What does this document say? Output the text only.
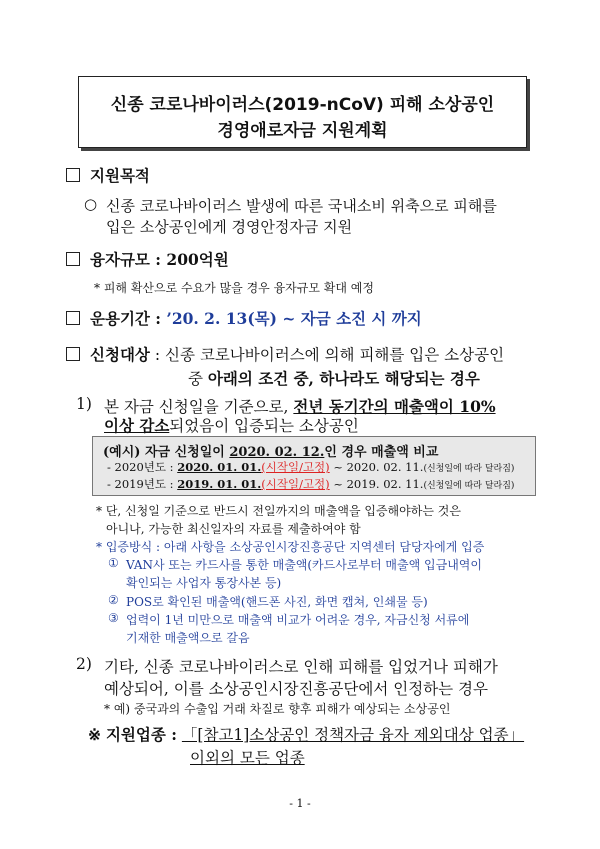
신종 코로나바이러스(2019-nCoV) 피해 소상공인
경영애로자금 지원계획
지원목적
○ 신종 코로나바이러스 발생에 따른 국내소비 위축으로 피해를
입은 소상공인에게 경영안정자금 지원
융자규모 : 200억원
* 피해 확산으로 수요가 많을 경우 융자규모 확대 예정
운용기간 : ’20. 2. 13(목) ~ 자금 소진 시 까지
신청대상 : 신종 코로나바이러스에 의해 피해를 입은 소상공인
중 아래의 조건 중, 하나라도 해당되는 경우
1) 본 자금 신청일을 기준으로, 전년 동기간의 매출액이 10%
이상 감소되었음이 입증되는 소상공인
(예시) 자금 신청일이 2020. 02. 12.인 경우 매출액 비교
- 2020년도 : 2020. 01. 01.(시작일/고정) ~ 2020. 02. 11.(신청일에 따라 달라짐)
- 2019년도 : 2019. 01. 01.(시작일/고정) ~ 2019. 02. 11.(신청일에 따라 달라짐)
* 단, 신청일 기준으로 반드시 전일까지의 매출액을 입증해야하는 것은
아니나, 가능한 최신일자의 자료를 제출하여야 함
* 입증방식 : 아래 사항을 소상공인시장진흥공단 지역센터 담당자에게 입증
① VAN사 또는 카드사를 통한 매출액(카드사로부터 매출액 입금내역이
확인되는 사업자 통장사본 등)
② POS로 확인된 매출액(핸드폰 사진, 화면 캡쳐, 인쇄물 등)
③ 업력이 1년 미만으로 매출액 비교가 어려운 경우, 자금신청 서류에
기재한 매출액으로 갈음
2) 기타, 신종 코로나바이러스로 인해 피해를 입었거나 피해가
예상되어, 이를 소상공인시장진흥공단에서 인정하는 경우
* 예) 중국과의 수출입 거래 차질로 향후 피해가 예상되는 소상공인
※ 지원업종 : 「[참고1]소상공인 정책자금 융자 제외대상 업종」
이외의 모든 업종
- 1 -
